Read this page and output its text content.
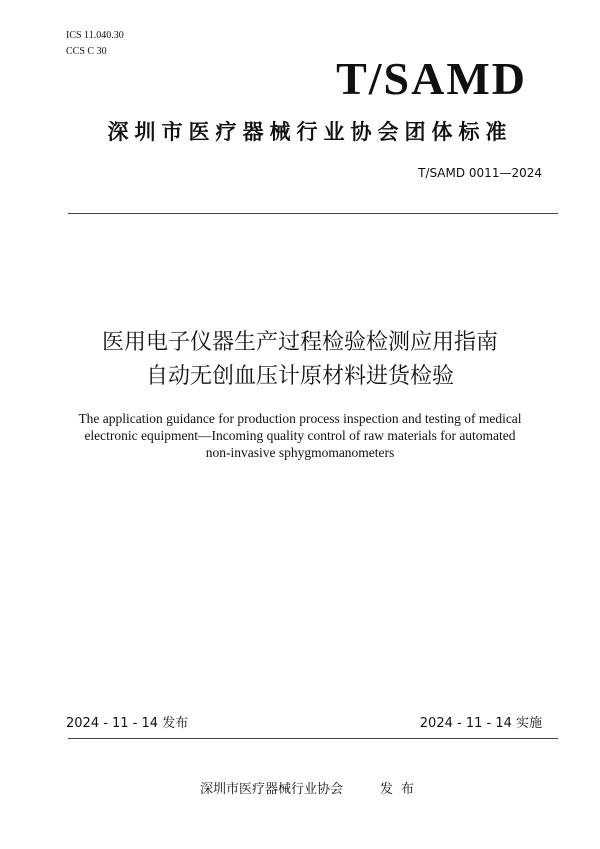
ICS 11.040.30
CCS C 30
T/SAMD
深圳市医疗器械行业协会团体标准
T/SAMD 0011—2024
医用电子仪器生产过程检验检测应用指南
自动无创血压计原材料进货检验
The application guidance for production process inspection and testing of medical
electronic equipment—Incoming quality control of raw materials for automated
non-invasive sphygmomanometers
2024 - 11 - 14 发布	2024 - 11 - 14 实施
深圳市医疗器械行业协会	发布
